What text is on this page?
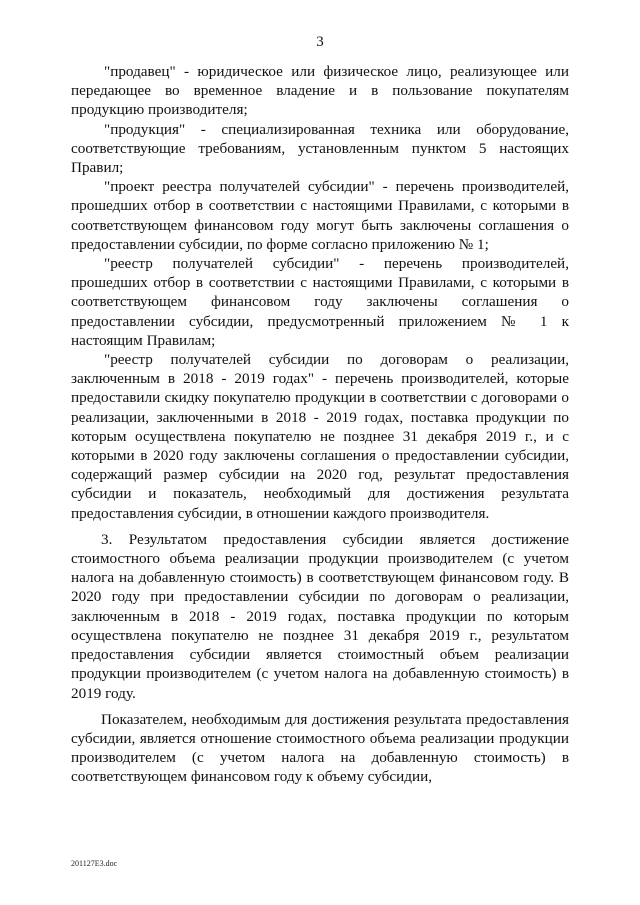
3

"продавец" - юридическое или физическое лицо, реализующее или передающее во временное владение и в пользование покупателям продукцию производителя;

"продукция" - специализированная техника или оборудование, соответствующие требованиям, установленным пунктом 5 настоящих Правил;

"проект реестра получателей субсидии" - перечень производителей, прошедших отбор в соответствии с настоящими Правилами, с которыми в соответствующем финансовом году могут быть заключены соглашения о предоставлении субсидии, по форме согласно приложению № 1;

"реестр получателей субсидии" - перечень производителей, прошедших отбор в соответствии с настоящими Правилами, с которыми в соответствующем финансовом году заключены соглашения о предоставлении субсидии, предусмотренный приложением № 1 к настоящим Правилам;

"реестр получателей субсидии по договорам о реализации, заключенным в 2018 - 2019 годах" - перечень производителей, которые предоставили скидку покупателю продукции в соответствии с договорами о реализации, заключенными в 2018 - 2019 годах, поставка продукции по которым осуществлена покупателю не позднее 31 декабря 2019 г., и с которыми в 2020 году заключены соглашения о предоставлении субсидии, содержащий размер субсидии на 2020 год, результат предоставления субсидии и показатель, необходимый для достижения результата предоставления субсидии, в отношении каждого производителя.

3. Результатом предоставления субсидии является достижение стоимостного объема реализации продукции производителем (с учетом налога на добавленную стоимость) в соответствующем финансовом году. В 2020 году при предоставлении субсидии по договорам о реализации, заключенным в 2018 - 2019 годах, поставка продукции по которым осуществлена покупателю не позднее 31 декабря 2019 г., результатом предоставления субсидии является стоимостный объем реализации продукции производителем (с учетом налога на добавленную стоимость) в 2019 году.

Показателем, необходимым для достижения результата предоставления субсидии, является отношение стоимостного объема реализации продукции производителем (с учетом налога на добавленную стоимость) в соответствующем финансовом году к объему субсидии,

201127E3.doc
